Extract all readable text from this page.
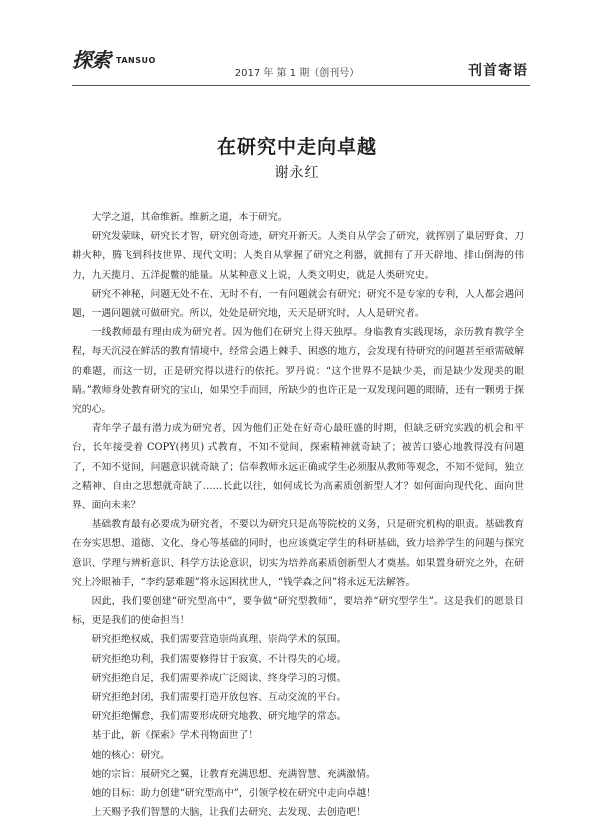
探索 TANSUO
2017 年 第 1 期（创刊号）	刊首寄语
在研究中走向卓越
谢永红

大学之道，其命维新。维新之道，本于研究。

研究发蒙昧，研究长才智，研究创奇迹，研究开新天。人类自从学会了研究，就挥别了巢居野食、刀耕火种，腾飞到科技世界、现代文明；人类自从掌握了研究之利器，就拥有了开天辟地、排山倒海的伟力，九天揽月、五洋捉鳖的能量。从某种意义上说，人类文明史，就是人类研究史。

研究不神秘，问题无处不在、无时不有，一有问题就会有研究；研究不是专家的专利，人人都会遇问题，一遇问题就可做研究。所以，处处是研究地，天天是研究时，人人是研究者。

一线教师最有理由成为研究者。因为他们在研究上得天独厚。身临教育实践现场，亲历教育教学全程，每天沉浸在鲜活的教育情境中，经常会遇上棘手、困惑的地方，会发现有待研究的问题甚至亟需破解的难题，而这一切，正是研究得以进行的依托。罗丹说：“这个世界不是缺少美，而是缺少发现美的眼睛。”教师身处教育研究的宝山，如果空手而回，所缺少的也许正是一双发现问题的眼睛，还有一颗勇于探究的心。

青年学子最有潜力成为研究者，因为他们正处在好奇心最旺盛的时期，但缺乏研究实践的机会和平台，长年接受着 COPY(拷贝) 式教育，不知不觉间，探索精神就奇缺了；被苦口婆心地教得没有问题了，不知不觉间，问题意识就奇缺了；信奉教师永远正确或学生必须服从教师等观念，不知不觉间，独立之精神、自由之思想就奇缺了……长此以往，如何成长为高素质创新型人才？如何面向现代化、面向世界、面向未来？

基础教育最有必要成为研究者，不要以为研究只是高等院校的义务，只是研究机构的职责。基础教育在夯实思想、道德、文化、身心等基础的同时，也应该奠定学生的科研基础，致力培养学生的问题与探究意识、学理与辨析意识、科学方法论意识，切实为培养高素质创新型人才奠基。如果置身研究之外，在研究上冷眼袖手，“李约瑟难题”将永远困扰世人，“钱学森之问”将永远无法解答。

因此，我们要创建“研究型高中”，要争做“研究型教师”，要培养“研究型学生”。这是我们的愿景目标，更是我们的使命担当！

研究拒绝权威，我们需要营造崇尚真理、崇尚学术的氛围。

研究拒绝功利，我们需要修得甘于寂寞、不计得失的心境。

研究拒绝自足，我们需要养成广泛阅读、终身学习的习惯。

研究拒绝封闭，我们需要打造开放包容、互动交流的平台。

研究拒绝懈怠，我们需要形成研究地教、研究地学的常态。

基于此，新《探索》学术刊物面世了！

她的核心：研究。

她的宗旨：展研究之翼，让教育充满思想、充满智慧、充满激情。

她的目标：助力创建“研究型高中”，引领学校在研究中走向卓越！

上天赐予我们智慧的大脑，让我们去研究、去发现、去创造吧！
